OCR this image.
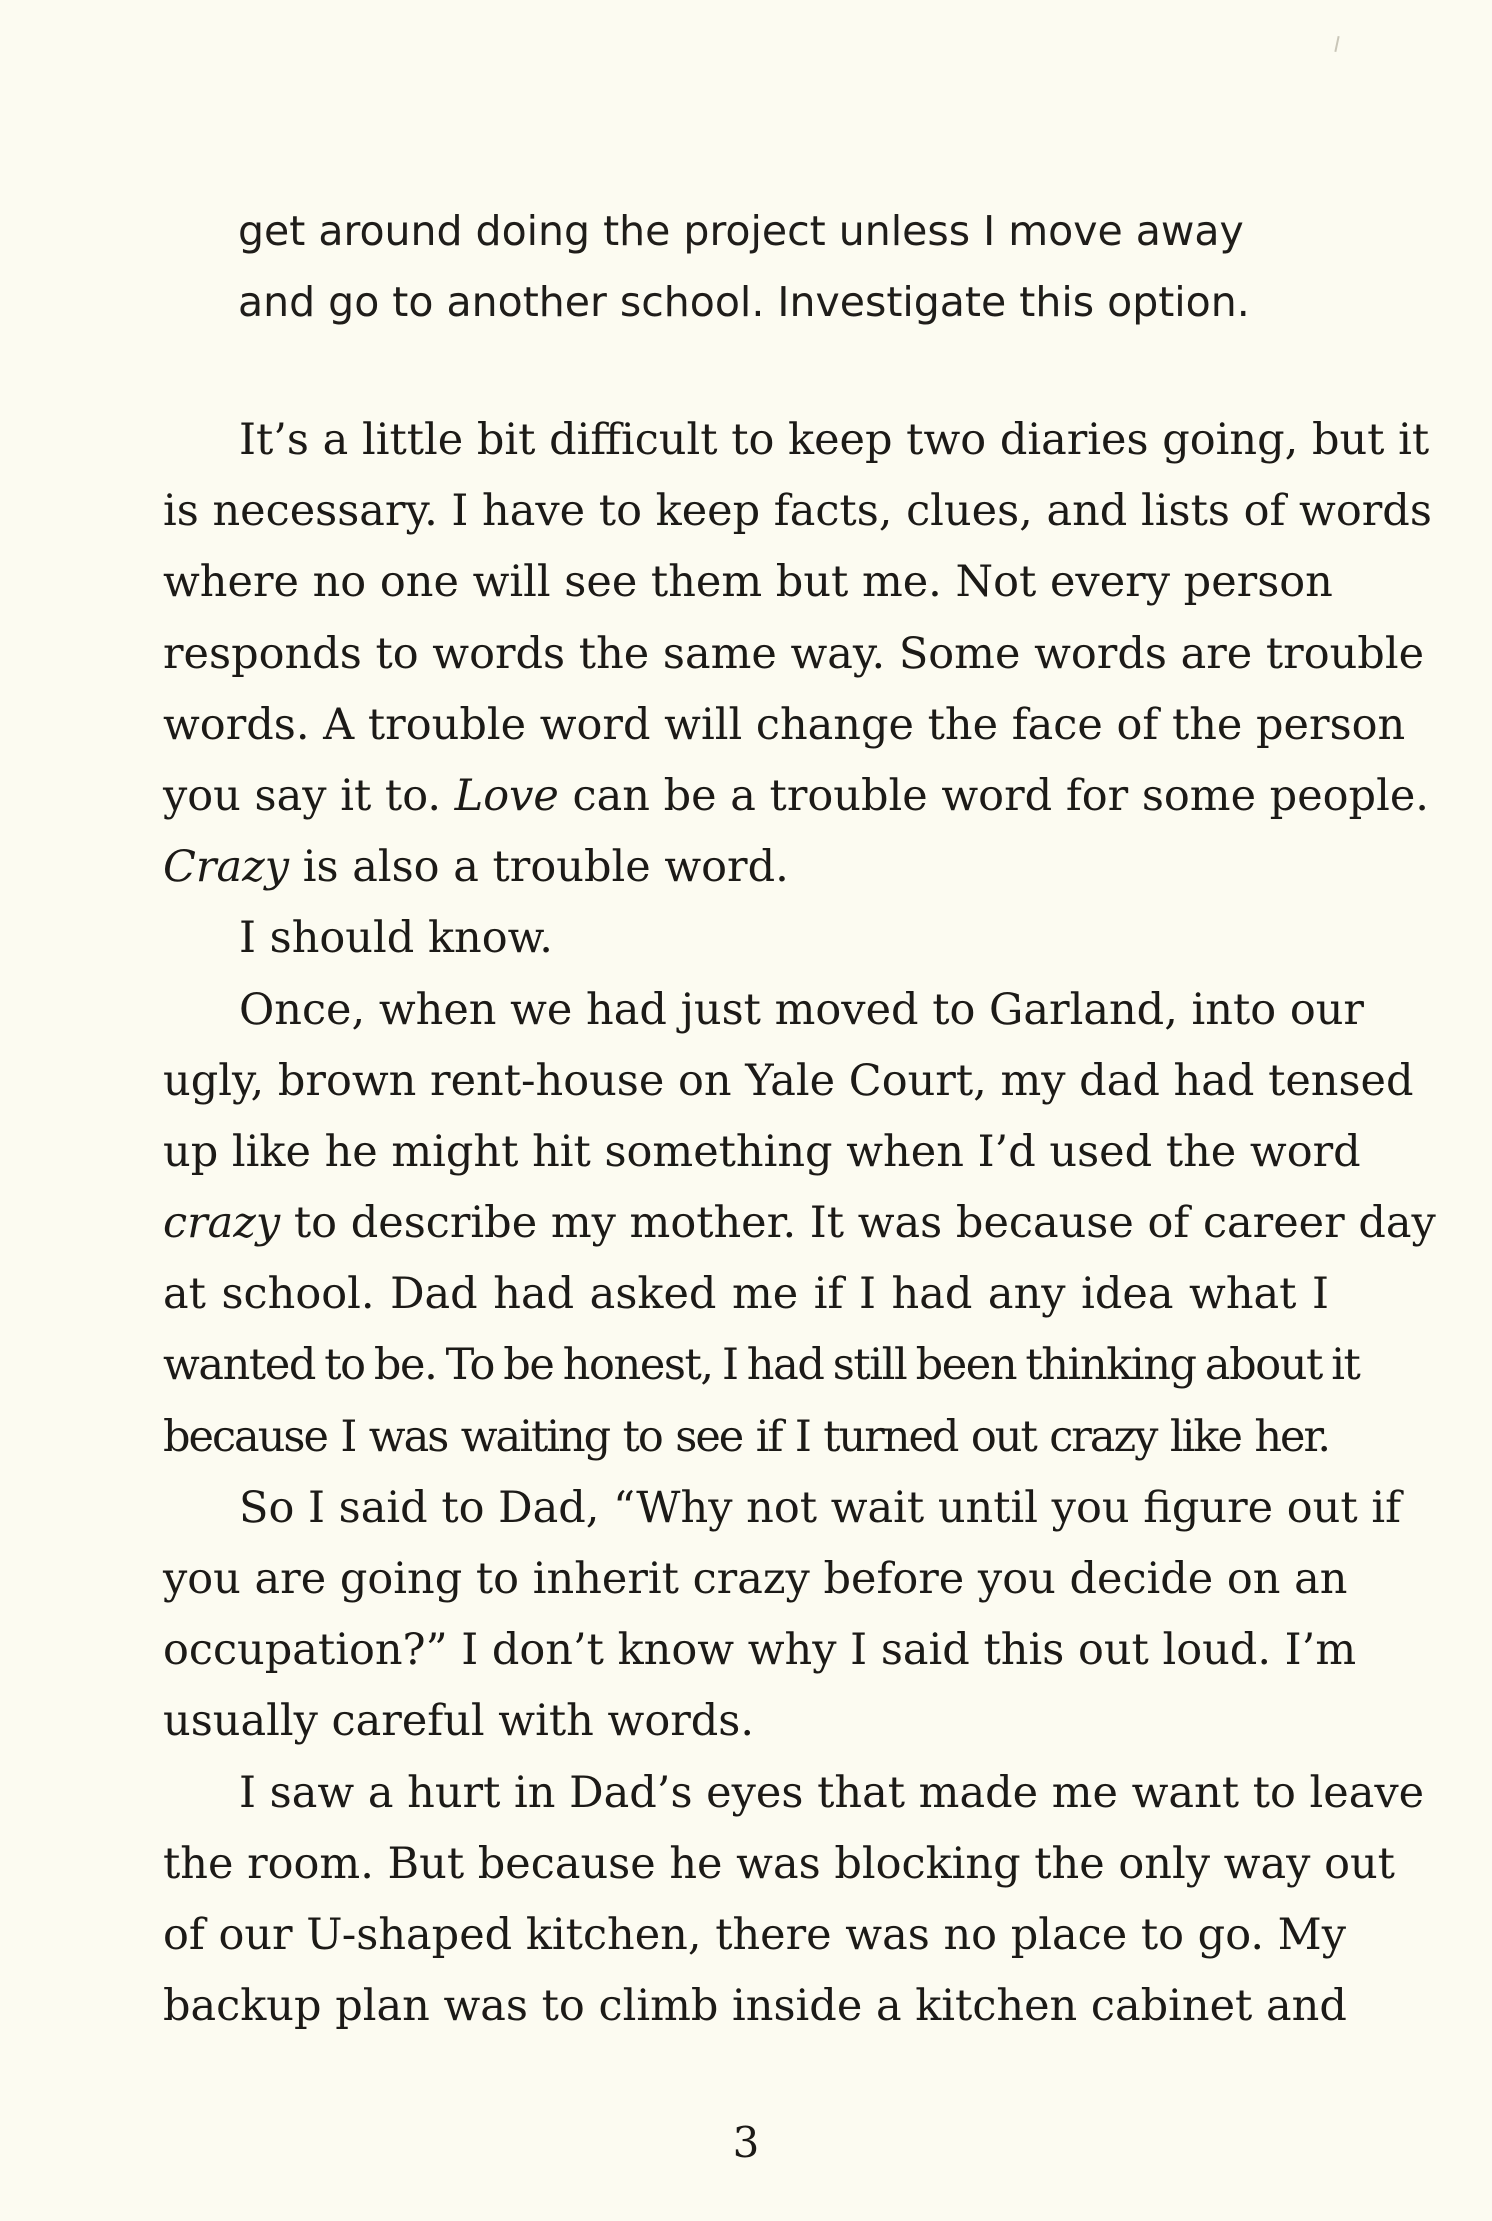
get around doing the project unless I move away
and go to another school. Investigate this option.
It’s a little bit difficult to keep two diaries going, but it
is necessary. I have to keep facts, clues, and lists of words
where no one will see them but me. Not every person
responds to words the same way. Some words are trouble
words. A trouble word will change the face of the person
you say it to. Love can be a trouble word for some people.
Crazy is also a trouble word.
I should know.
Once, when we had just moved to Garland, into our
ugly, brown rent-house on Yale Court, my dad had tensed
up like he might hit something when I’d used the word
crazy to describe my mother. It was because of career day
at school. Dad had asked me if I had any idea what I
wanted to be. To be honest, I had still been thinking about it
because I was waiting to see if I turned out crazy like her.
So I said to Dad, “Why not wait until you figure out if
you are going to inherit crazy before you decide on an
occupation?” I don’t know why I said this out loud. I’m
usually careful with words.
I saw a hurt in Dad’s eyes that made me want to leave
the room. But because he was blocking the only way out
of our U-shaped kitchen, there was no place to go. My
backup plan was to climb inside a kitchen cabinet and
3
